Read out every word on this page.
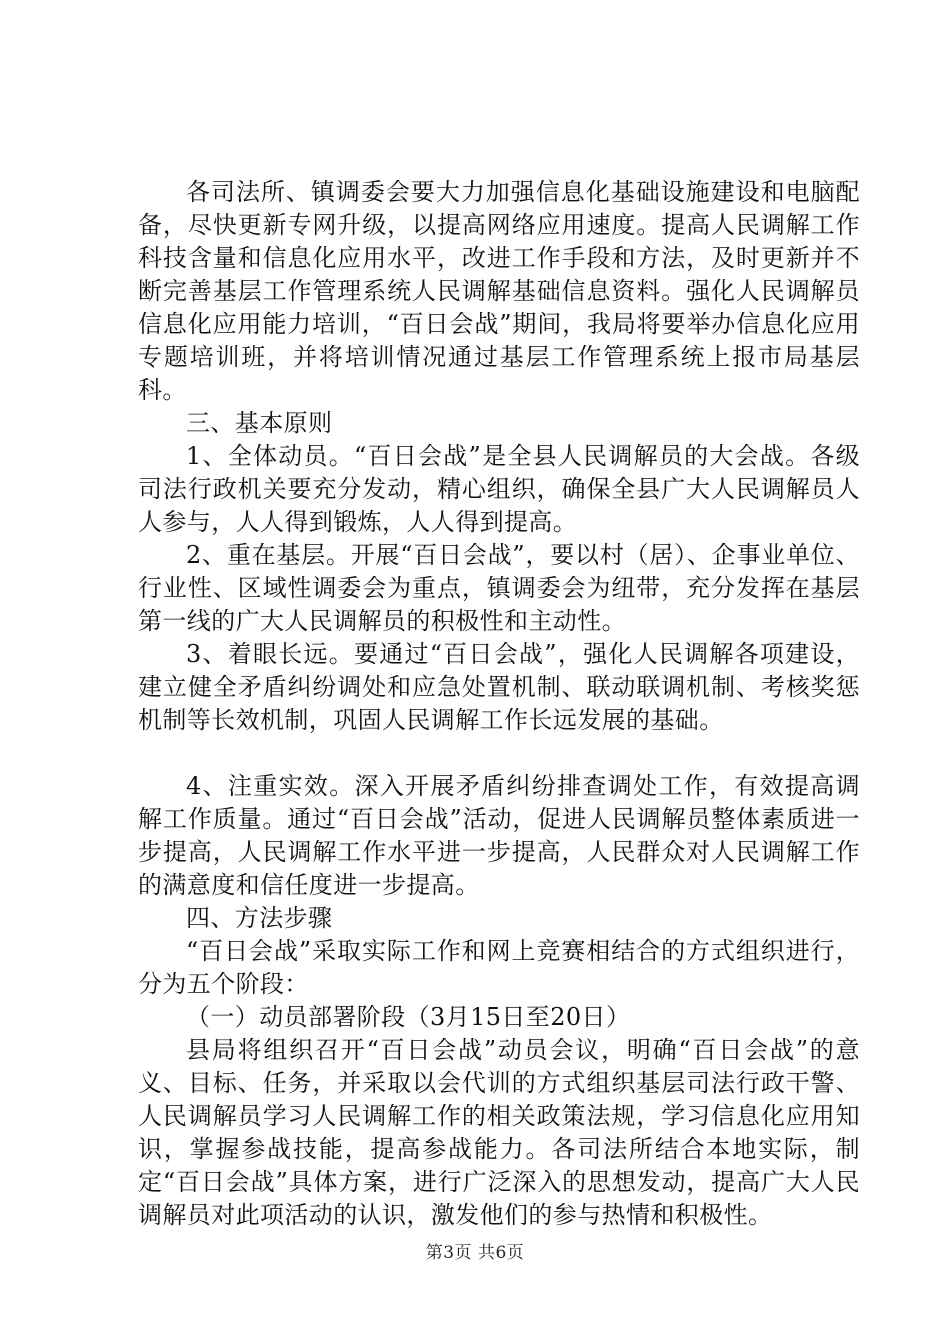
各司法所、镇调委会要大力加强信息化基础设施建设和电脑配备，尽快更新专网升级，以提高网络应用速度。提高人民调解工作科技含量和信息化应用水平，改进工作手段和方法，及时更新并不断完善基层工作管理系统人民调解基础信息资料。强化人民调解员信息化应用能力培训，“百日会战”期间，我局将要举办信息化应用专题培训班，并将培训情况通过基层工作管理系统上报市局基层科。

三、基本原则

1、全体动员。“百日会战”是全县人民调解员的大会战。各级司法行政机关要充分发动，精心组织，确保全县广大人民调解员人人参与，人人得到锻炼，人人得到提高。

2、重在基层。开展“百日会战”，要以村（居）、企事业单位、行业性、区域性调委会为重点，镇调委会为纽带，充分发挥在基层第一线的广大人民调解员的积极性和主动性。

3、着眼长远。要通过“百日会战”，强化人民调解各项建设，建立健全矛盾纠纷调处和应急处置机制、联动联调机制、考核奖惩机制等长效机制，巩固人民调解工作长远发展的基础。

4、注重实效。深入开展矛盾纠纷排查调处工作，有效提高调解工作质量。通过“百日会战”活动，促进人民调解员整体素质进一步提高，人民调解工作水平进一步提高，人民群众对人民调解工作的满意度和信任度进一步提高。

四、方法步骤

“百日会战”采取实际工作和网上竞赛相结合的方式组织进行，分为五个阶段：

（一）动员部署阶段（3月15日至20日）

县局将组织召开“百日会战”动员会议，明确“百日会战”的意义、目标、任务，并采取以会代训的方式组织基层司法行政干警、人民调解员学习人民调解工作的相关政策法规，学习信息化应用知识，掌握参战技能，提高参战能力。各司法所结合本地实际，制定“百日会战”具体方案，进行广泛深入的思想发动，提高广大人民调解员对此项活动的认识，激发他们的参与热情和积极性。

第3页 共6页
